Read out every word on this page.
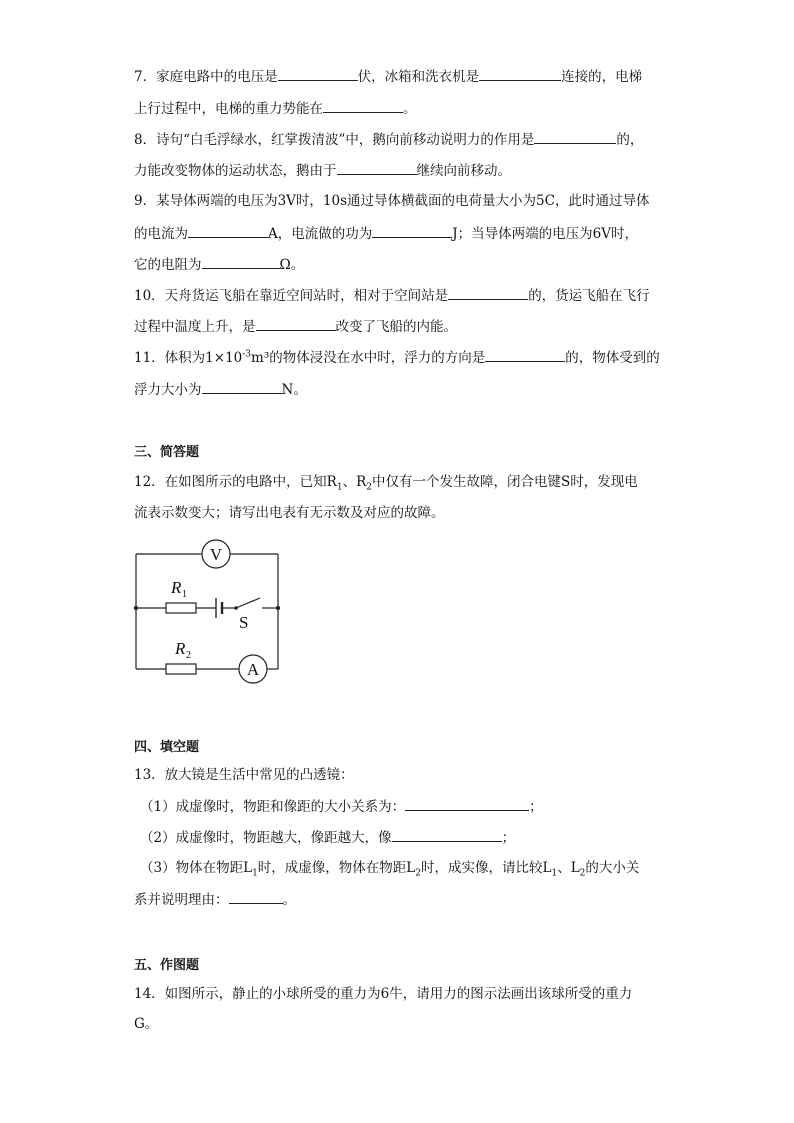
7．家庭电路中的电压是	伏，冰箱和洗衣机是	连接的，电梯
上行过程中，电梯的重力势能在	。
8．诗句“白毛浮绿水，红掌拨清波”中，鹅向前移动说明力的作用是	的，
力能改变物体的运动状态，鹅由于	继续向前移动。
9．某导体两端的电压为3V时，10s通过导体横截面的电荷量大小为5C，此时通过导体
的电流为	A，电流做的功为	J；当导体两端的电压为6V时，
它的电阻为	Ω。
10．天舟货运飞船在靠近空间站时，相对于空间站是	的，货运飞船在飞行
过程中温度上升，是	改变了飞船的内能。
11．体积为$1\times 10^{-3}m^3$的物体浸没在水中时，浮力的方向是	的，物体受到的
浮力大小为	N。
三、简答题
12．在如图所示的电路中，已知$R_1$、$R_2$中仅有一个发生故障，闭合电键S时，发现电
流表示数变大；请写出电表有无示数及对应的故障。
V
A
R 1
R 2
S
四、填空题
13．放大镜是生活中常见的凸透镜：
（1）成虚像时，物距和像距的大小关系为：	；
（2）成虚像时，物距越大，像距越大，像	；
（3）物体在物距$L_1$时，成虚像，物体在物距$L_2$时，成实像，请比较$L_1$、$L_2$的大小关
系并说明理由：	。
五、作图题
14．如图所示，静止的小球所受的重力为6牛，请用力的图示法画出该球所受的重力
G。
